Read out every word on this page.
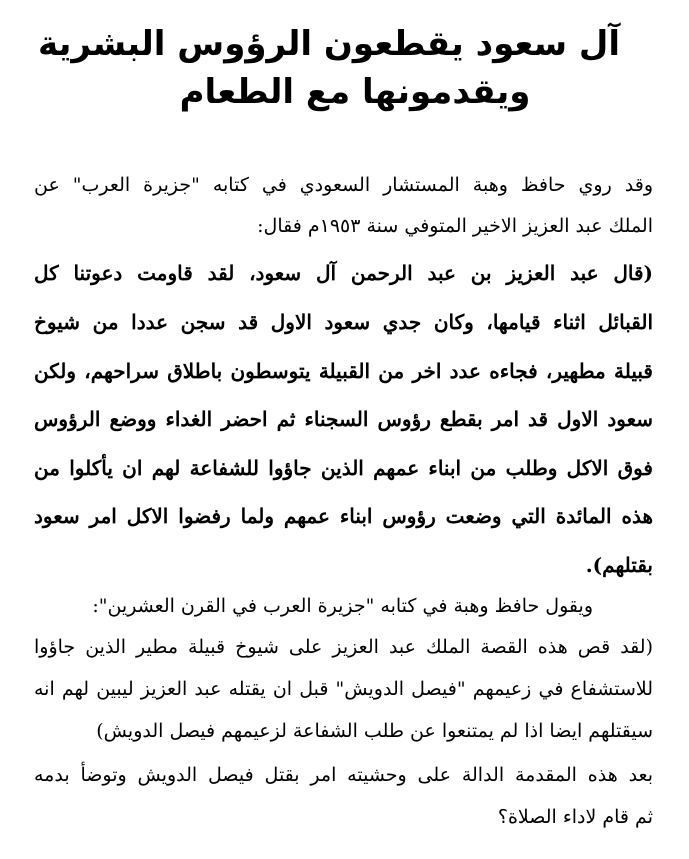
آل سعود يقطعون الرؤوس البشرية
ويقدمونها مع الطعام
وقد روي حافظ وهبة المستشار السعودي في كتابه "جزيرة العرب" عن
الملك عبد العزيز الاخير المتوفي سنة ١٩٥٣م فقال:
(قال عبد العزيز بن عبد الرحمن آل سعود، لقد قاومت دعوتنا كل
القبائل اثناء قيامها، وكان جدي سعود الاول قد سجن عددا من شيوخ
قبيلة مطهير، فجاءه عدد اخر من القبيلة يتوسطون باطلاق سراحهم، ولكن
سعود الاول قد امر بقطع رؤوس السجناء ثم احضر الغداء ووضع الرؤوس
فوق الاكل وطلب من ابناء عمهم الذين جاؤوا للشفاعة لهم ان يأكلوا من
هذه المائدة التي وضعت رؤوس ابناء عمهم ولما رفضوا الاكل امر سعود
بقتلهم).
ويقول حافظ وهبة في كتابه "جزيرة العرب في القرن العشرين":
(لقد قص هذه القصة الملك عبد العزيز على شيوخ قبيلة مطير الذين جاؤوا
للاستشفاع في زعيمهم "فيصل الدويش" قبل ان يقتله عبد العزيز ليبين لهم انه
سيقتلهم ايضا اذا لم يمتنعوا عن طلب الشفاعة لزعيمهم فيصل الدويش)
بعد هذه المقدمة الدالة على وحشيته امر بقتل فيصل الدويش وتوضأ بدمه
ثم قام لاداء الصلاة؟
